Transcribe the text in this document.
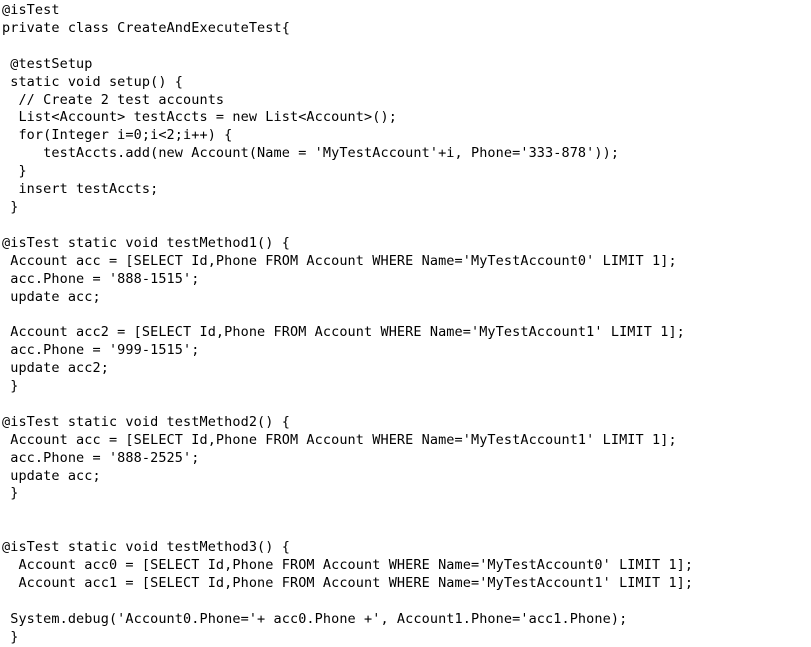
@isTest
private class CreateAndExecuteTest{

@testSetup
static void setup() {
// Create 2 test accounts
List<Account> testAccts = new List<Account>();
for(Integer i=0;i<2;i++) {
testAccts.add(new Account(Name = 'MyTestAccount'+i, Phone='333-878'));
}
insert testAccts;
}

@isTest static void testMethod1() {
Account acc = [SELECT Id,Phone FROM Account WHERE Name='MyTestAccount0' LIMIT 1];
acc.Phone = '888-1515';
update acc;

Account acc2 = [SELECT Id,Phone FROM Account WHERE Name='MyTestAccount1' LIMIT 1];
acc.Phone = '999-1515';
update acc2;
}

@isTest static void testMethod2() {
Account acc = [SELECT Id,Phone FROM Account WHERE Name='MyTestAccount1' LIMIT 1];
acc.Phone = '888-2525';
update acc;
}

@isTest static void testMethod3() {
Account acc0 = [SELECT Id,Phone FROM Account WHERE Name='MyTestAccount0' LIMIT 1];
Account acc1 = [SELECT Id,Phone FROM Account WHERE Name='MyTestAccount1' LIMIT 1];

System.debug('Account0.Phone='+ acc0.Phone +', Account1.Phone='acc1.Phone);
}
